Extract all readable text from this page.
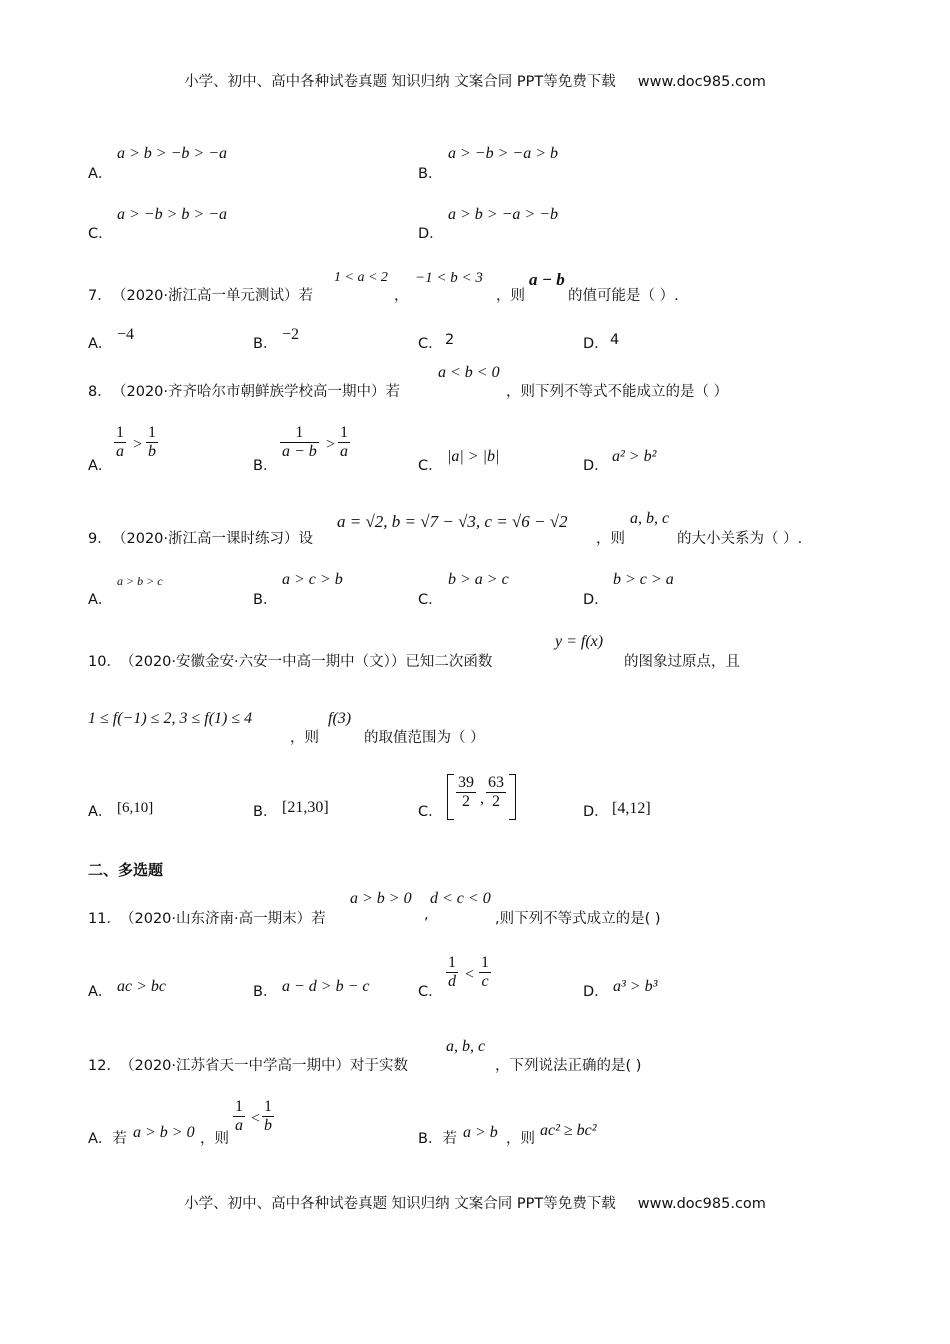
小学、初中、高中各种试卷真题 知识归纳 文案合同 PPT等免费下载 www.doc985.com
A．
a > b > −b > −a
B．
a > −b > −a > b
C．
a > −b > b > −a
D．
a > b > −a > −b
7． （2020·浙江高一单元测试）若
1 < a < 2
，
−1 < b < 3
，则
a − b
的值可能是（ ）.
A．
−4
B．
−2
C． 2	D． 4
8． （2020·齐齐哈尔市朝鲜族学校高一期中）若
a < b < 0
，则下列不等式不能成立的是（ ）
A．
$\frac{1}{a} > \frac{1}{b}$
B．
$\frac{1}{a - b} > \frac{1}{a}$
C．
|a| > |b|
D．
a² > b²
9． （2020·浙江高一课时练习）设
a = √2, b = √7 − √3, c = √6 − √2
，则
a, b, c
的大小关系为（ ）.
A．
a > b > c
B．
a > c > b
C．
b > a > c
D．
b > c > a
10． （2020·安徽金安·六安一中高一期中（文））已知二次函数
y = f(x)
的图象过原点，且
1 ≤ f(−1) ≤ 2, 3 ≤ f(1) ≤ 4
，则
f(3)
的取值范围为（ ）
A． [6,10]	B． [21,30]	C．
$\frac{39}{2}$ , $\frac{63}{2}$
D． [4,12]
二、多选题
11． （2020·山东济南·高一期末）若
a > b > 0
,
d < c < 0
,则下列不等式成立的是( )
A． ac > bc	B． a − d > b − c	C．
$\frac{1}{d} < \frac{1}{c}$
D． a³ > b³
12． （2020·江苏省天一中学高一期中）对于实数
a, b, c
，下列说法正确的是( )
A．若 a > b > 0 ，则
$\frac{1}{a} < \frac{1}{b}$
B．若 a > b ，则 ac² ≥ bc²
小学、初中、高中各种试卷真题 知识归纳 文案合同 PPT等免费下载 www.doc985.com
